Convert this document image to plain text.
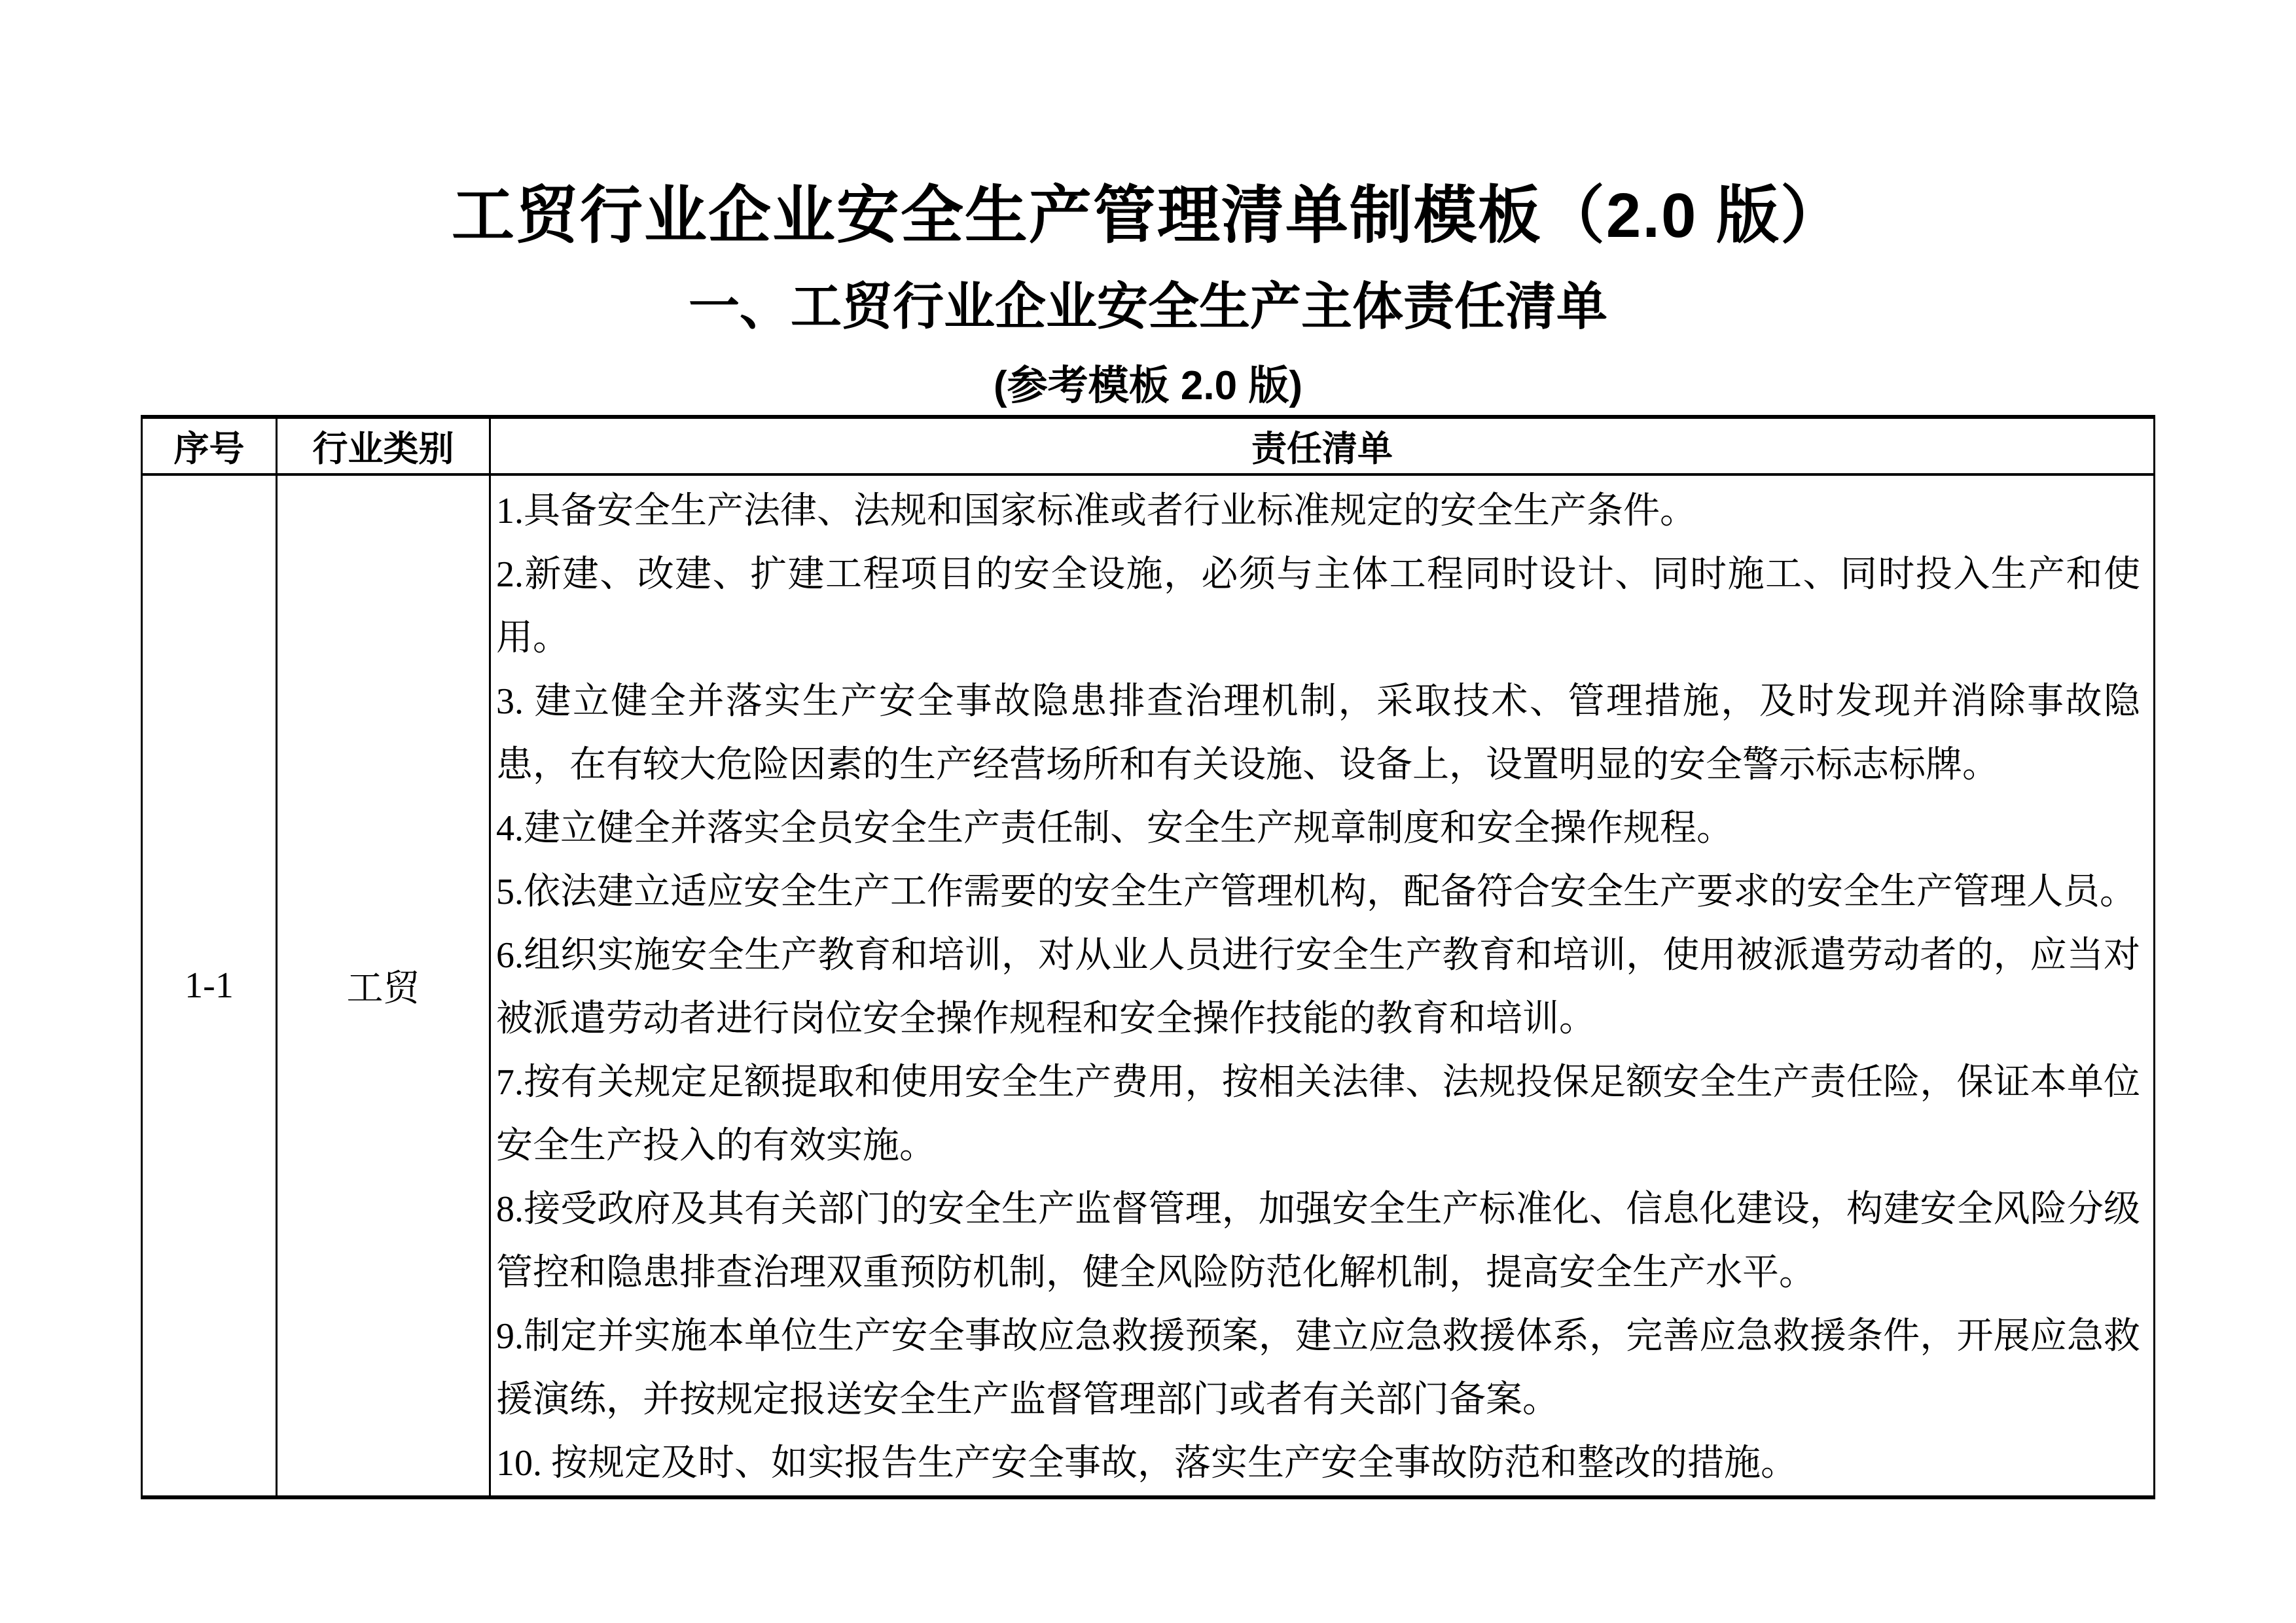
工贸行业企业安全生产管理清单制模板（2.0 版）
一、工贸行业企业安全生产主体责任清单
(参考模板 2.0 版)
序号	行业类别	责任清单
1-1	工贸	

1.具备安全生产法律、法规和国家标准或者行业标准规定的安全生产条件。

2.新建、改建、扩建工程项目的安全设施，必须与主体工程同时设计、同时施工、同时投入生产和使用。

3. 建立健全并落实生产安全事故隐患排查治理机制，采取技术、管理措施，及时发现并消除事故隐患，在有较大危险因素的生产经营场所和有关设施、设备上，设置明显的安全警示标志标牌。

4.建立健全并落实全员安全生产责任制、安全生产规章制度和安全操作规程。

5.依法建立适应安全生产工作需要的安全生产管理机构，配备符合安全生产要求的安全生产管理人员。

6.组织实施安全生产教育和培训，对从业人员进行安全生产教育和培训，使用被派遣劳动者的，应当对被派遣劳动者进行岗位安全操作规程和安全操作技能的教育和培训。

7.按有关规定足额提取和使用安全生产费用，按相关法律、法规投保足额安全生产责任险，保证本单位安全生产投入的有效实施。

8.接受政府及其有关部门的安全生产监督管理，加强安全生产标准化、信息化建设，构建安全风险分级管控和隐患排查治理双重预防机制，健全风险防范化解机制，提高安全生产水平。

9.制定并实施本单位生产安全事故应急救援预案，建立应急救援体系，完善应急救援条件，开展应急救援演练，并按规定报送安全生产监督管理部门或者有关部门备案。

10. 按规定及时、如实报告生产安全事故，落实生产安全事故防范和整改的措施。
